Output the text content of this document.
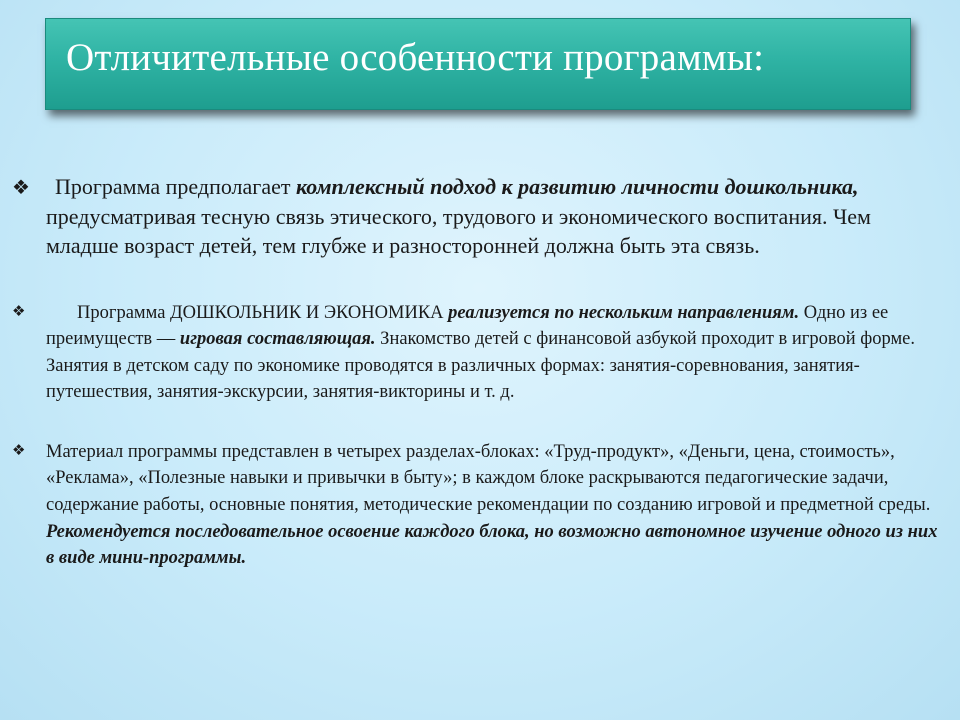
Отличительные особенности программы:
❖ Программа предполагает комплексный подход к развитию личности дошкольника, предусматривая тесную связь этического, трудового и экономического воспитания. Чем младше возраст детей, тем глубже и разносторонней должна быть эта связь.
❖	Программа ДОШКОЛЬНИК И ЭКОНОМИКА реализуется по нескольким направлениям. Одно из ее преимуществ — игровая составляющая. Знакомство детей с финансовой азбукой проходит в игровой форме. Занятия в детском саду по экономике проводятся в различных формах: занятия-соревнования, занятия-путешествия, занятия-экскурсии, занятия-викторины и т. д.
❖ Материал программы представлен в четырех разделах-блоках: «Труд-продукт», «Деньги, цена, стоимость», «Реклама», «Полезные навыки и привычки в быту»; в каждом блоке раскрываются педагогические задачи, содержание работы, основные понятия, методические рекомендации по созданию игровой и предметной среды. Рекомендуется последовательное освоение каждого блока, но возможно автономное изучение одного из них в виде мини-программы.
